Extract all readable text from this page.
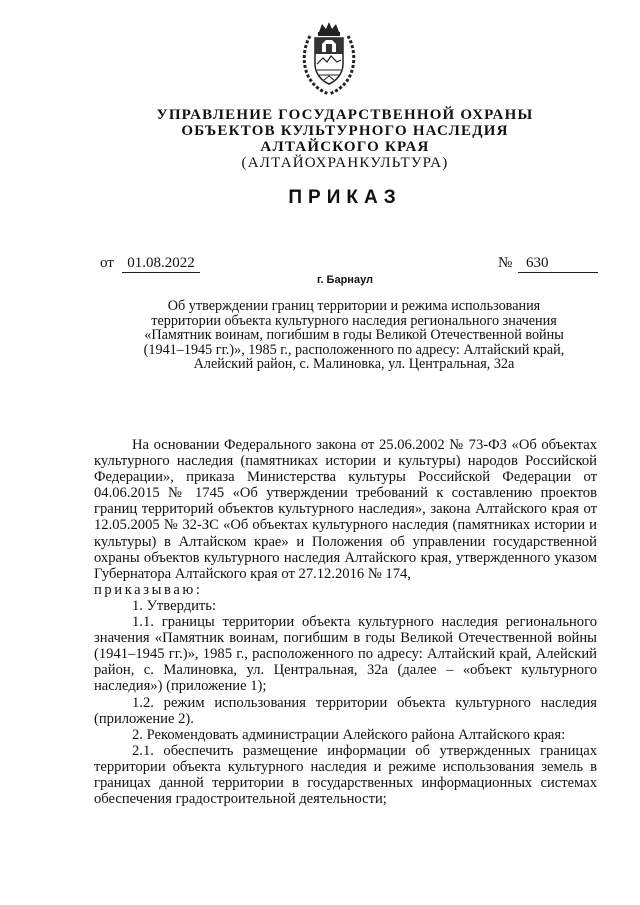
УПРАВЛЕНИЕ ГОСУДАРСТВЕННОЙ ОХРАНЫ
ОБЪЕКТОВ КУЛЬТУРНОГО НАСЛЕДИЯ
АЛТАЙСКОГО КРАЯ
(АЛТАЙОХРАНКУЛЬТУРА)
ПРИКАЗ
от 01.08.2022	№ 630
г. Барнаул
Об утверждении границ территории и режима использования территории объекта культурного наследия регионального значения «Памятник воинам, погибшим в годы Великой Отечественной войны (1941–1945 гг.)», 1985 г., расположенного по адресу: Алтайский край, Алейский район, с. Малиновка, ул. Центральная, 32а

На основании Федерального закона от 25.06.2002 № 73-ФЗ «Об объектах культурного наследия (памятниках истории и культуры) народов Российской Федерации», приказа Министерства культуры Российской Федерации от 04.06.2015 № 1745 «Об утверждении требований к составлению проектов границ территорий объектов культурного наследия», закона Алтайского края от 12.05.2005 № 32-ЗС «Об объектах культурного наследия (памятниках истории и культуры) в Алтайском крае» и Положения об управлении государственной охраны объектов культурного наследия Алтайского края, утвержденного указом Губернатора Алтайского края от 27.12.2016 № 174,

приказываю:

1. Утвердить:

1.1. границы территории объекта культурного наследия регионального значения «Памятник воинам, погибшим в годы Великой Отечественной войны (1941–1945 гг.)», 1985 г., расположенного по адресу: Алтайский край, Алейский район, с. Малиновка, ул. Центральная, 32а (далее – «объект культурного наследия») (приложение 1);

1.2. режим использования территории объекта культурного наследия (приложение 2).

2. Рекомендовать администрации Алейского района Алтайского края:

2.1. обеспечить размещение информации об утвержденных границах территории объекта культурного наследия и режиме использования земель в границах данной территории в государственных информационных системах обеспечения градостроительной деятельности;
